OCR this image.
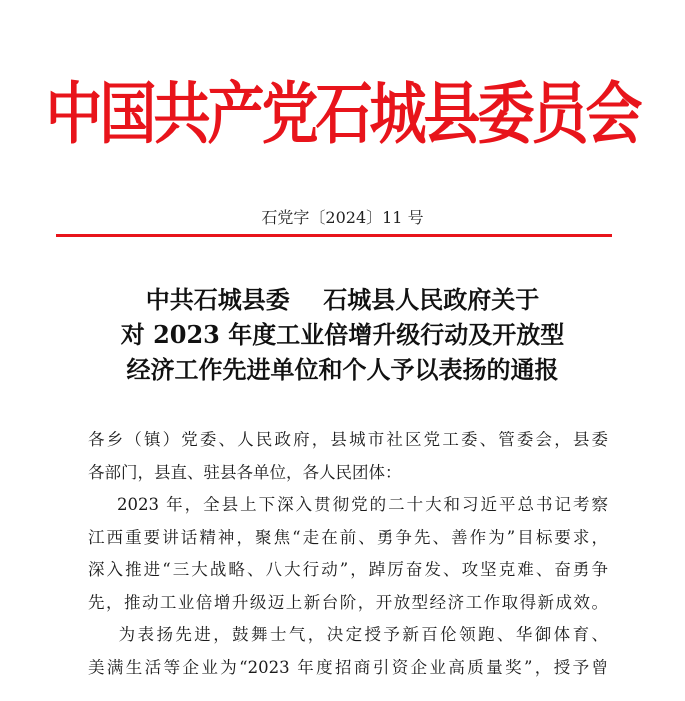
中国共产党石城县委员会
石党字〔2024〕11 号
中共石城县委    石城县人民政府关于
对 2023 年度工业倍增升级行动及开放型
经济工作先进单位和个人予以表扬的通报
各乡（镇）党委、人民政府，县城市社区党工委、管委会，县委
各部门，县直、驻县各单位，各人民团体：
2023 年，全县上下深入贯彻党的二十大和习近平总书记考察
江西重要讲话精神，聚焦“走在前、勇争先、善作为”目标要求，
深入推进“三大战略、八大行动”，踔厉奋发、攻坚克难、奋勇争
先，推动工业倍增升级迈上新台阶，开放型经济工作取得新成效。
为表扬先进，鼓舞士气，决定授予新百伦领跑、华御体育、
美满生活等企业为“2023 年度招商引资企业高质量奖”，授予曾
